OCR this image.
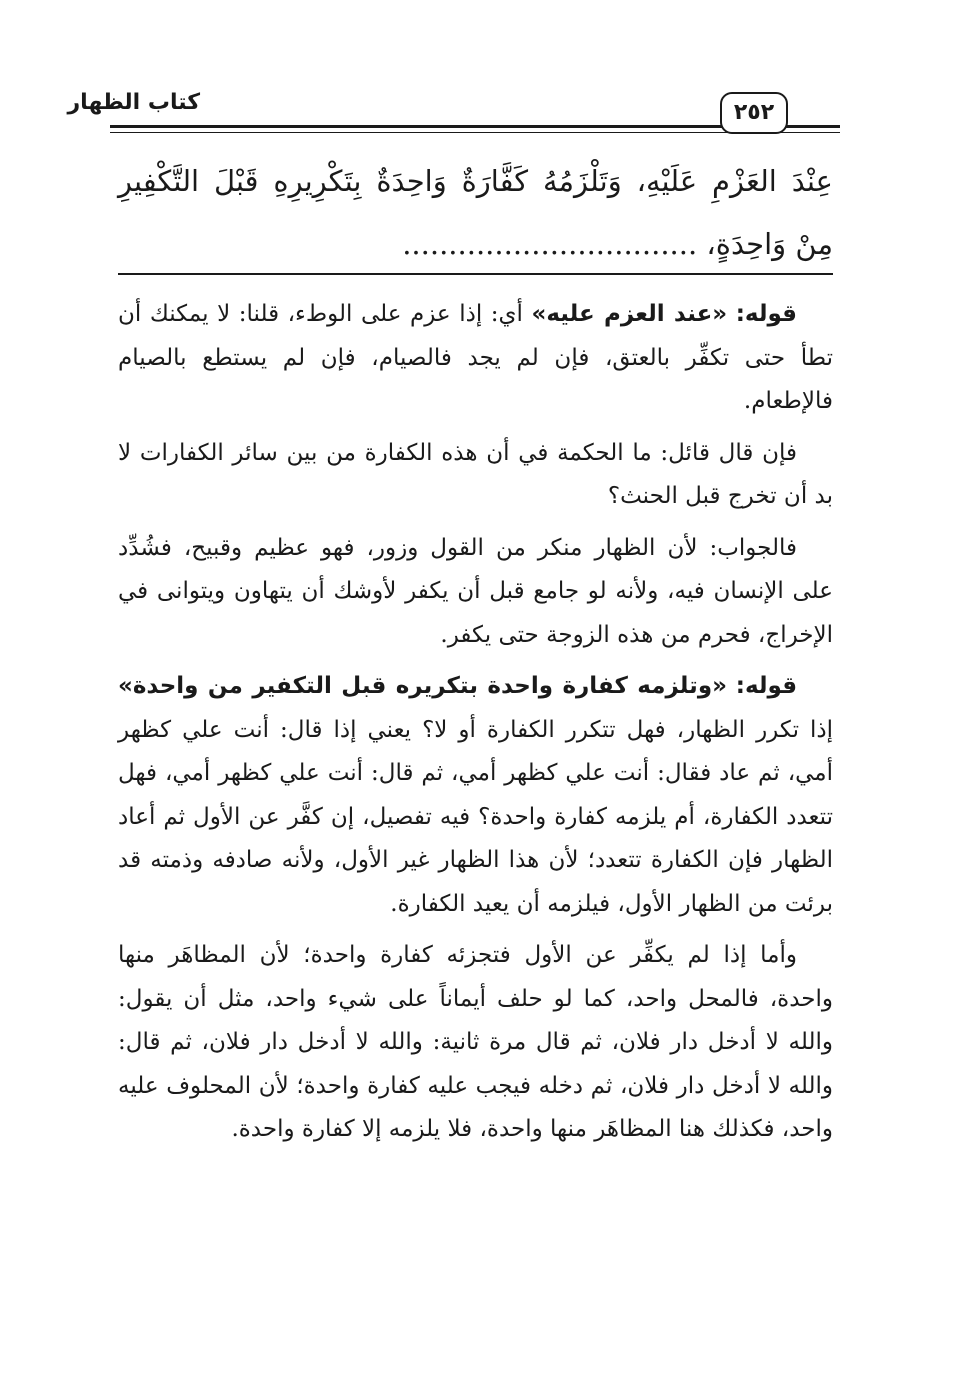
كتاب الظهار	٢٥٢
عِنْدَ العَزْمِ عَلَيْهِ، وَتَلْزَمُهُ كَفَّارَةٌ وَاحِدَةٌ بِتَكْرِيرِهِ قَبْلَ التَّكْفِيرِ
مِنْ وَاحِدَةٍ، ................................

قوله: «عند العزم عليه» أي: إذا عزم على الوطء، قلنا: لا يمكنك أن تطأ حتى تكفِّر بالعتق، فإن لم يجد فالصيام، فإن لم يستطع بالصيام فالإطعام.

فإن قال قائل: ما الحكمة في أن هذه الكفارة من بين سائر الكفارات لا بد أن تخرج قبل الحنث؟

فالجواب: لأن الظهار منكر من القول وزور، فهو عظيم وقبيح، فشُدِّد على الإنسان فيه، ولأنه لو جامع قبل أن يكفر لأوشك أن يتهاون ويتوانى في الإخراج، فحرم من هذه الزوجة حتى يكفر.

قوله: «وتلزمه كفارة واحدة بتكريره قبل التكفير من واحدة» إذا تكرر الظهار، فهل تتكرر الكفارة أو لا؟ يعني إذا قال: أنت علي كظهر أمي، ثم عاد فقال: أنت علي كظهر أمي، ثم قال: أنت علي كظهر أمي، فهل تتعدد الكفارة، أم يلزمه كفارة واحدة؟ فيه تفصيل، إن كفَّر عن الأول ثم أعاد الظهار فإن الكفارة تتعدد؛ لأن هذا الظهار غير الأول، ولأنه صادفه وذمته قد برئت من الظهار الأول، فيلزمه أن يعيد الكفارة.

وأما إذا لم يكفِّر عن الأول فتجزئه كفارة واحدة؛ لأن المظاهَر منها واحدة، فالمحل واحد، كما لو حلف أيماناً على شيء واحد، مثل أن يقول: والله لا أدخل دار فلان، ثم قال مرة ثانية: والله لا أدخل دار فلان، ثم قال: والله لا أدخل دار فلان، ثم دخله فيجب عليه كفارة واحدة؛ لأن المحلوف عليه واحد، فكذلك هنا المظاهَر منها واحدة، فلا يلزمه إلا كفارة واحدة.
